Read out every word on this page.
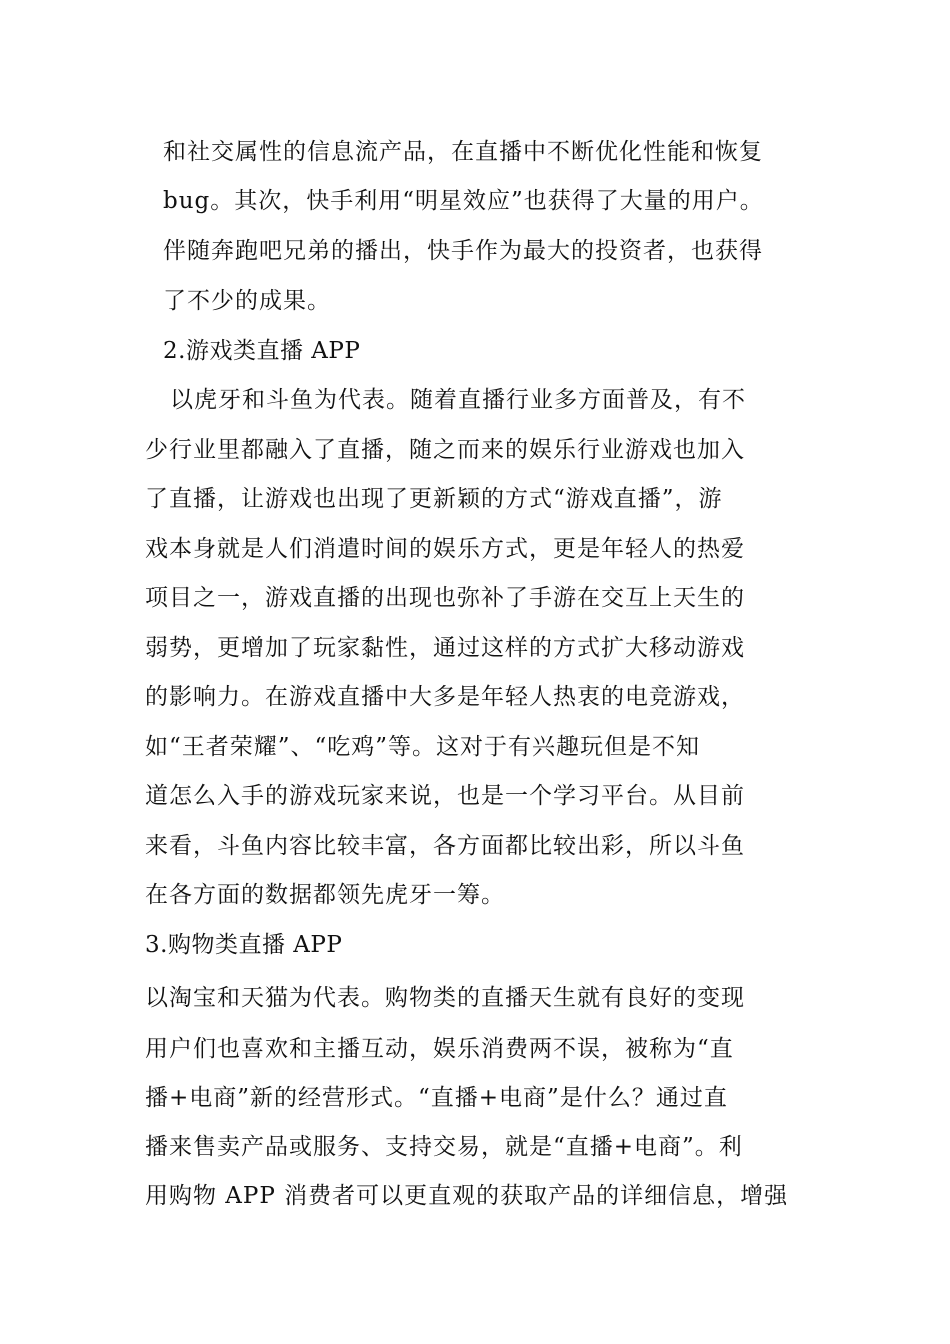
和社交属性的信息流产品，在直播中不断优化性能和恢复
bug。其次，快手利用“明星效应”也获得了大量的用户。
伴随奔跑吧兄弟的播出，快手作为最大的投资者，也获得
了不少的成果。
2.游戏类直播 APP
以虎牙和斗鱼为代表。随着直播行业多方面普及，有不
少行业里都融入了直播，随之而来的娱乐行业游戏也加入
了直播，让游戏也出现了更新颖的方式“游戏直播”，游
戏本身就是人们消遣时间的娱乐方式，更是年轻人的热爱
项目之一，游戏直播的出现也弥补了手游在交互上天生的
弱势，更增加了玩家黏性，通过这样的方式扩大移动游戏
的影响力。在游戏直播中大多是年轻人热衷的电竞游戏，
如“王者荣耀”、“吃鸡”等。这对于有兴趣玩但是不知
道怎么入手的游戏玩家来说，也是一个学习平台。从目前
来看，斗鱼内容比较丰富，各方面都比较出彩，所以斗鱼
在各方面的数据都领先虎牙一筹。
3.购物类直播 APP
以淘宝和天猫为代表。购物类的直播天生就有良好的变现
用户们也喜欢和主播互动，娱乐消费两不误，被称为“直
播+电商”新的经营形式。“直播+电商”是什么？通过直
播来售卖产品或服务、支持交易，就是“直播+电商”。利
用购物 APP 消费者可以更直观的获取产品的详细信息，增强
